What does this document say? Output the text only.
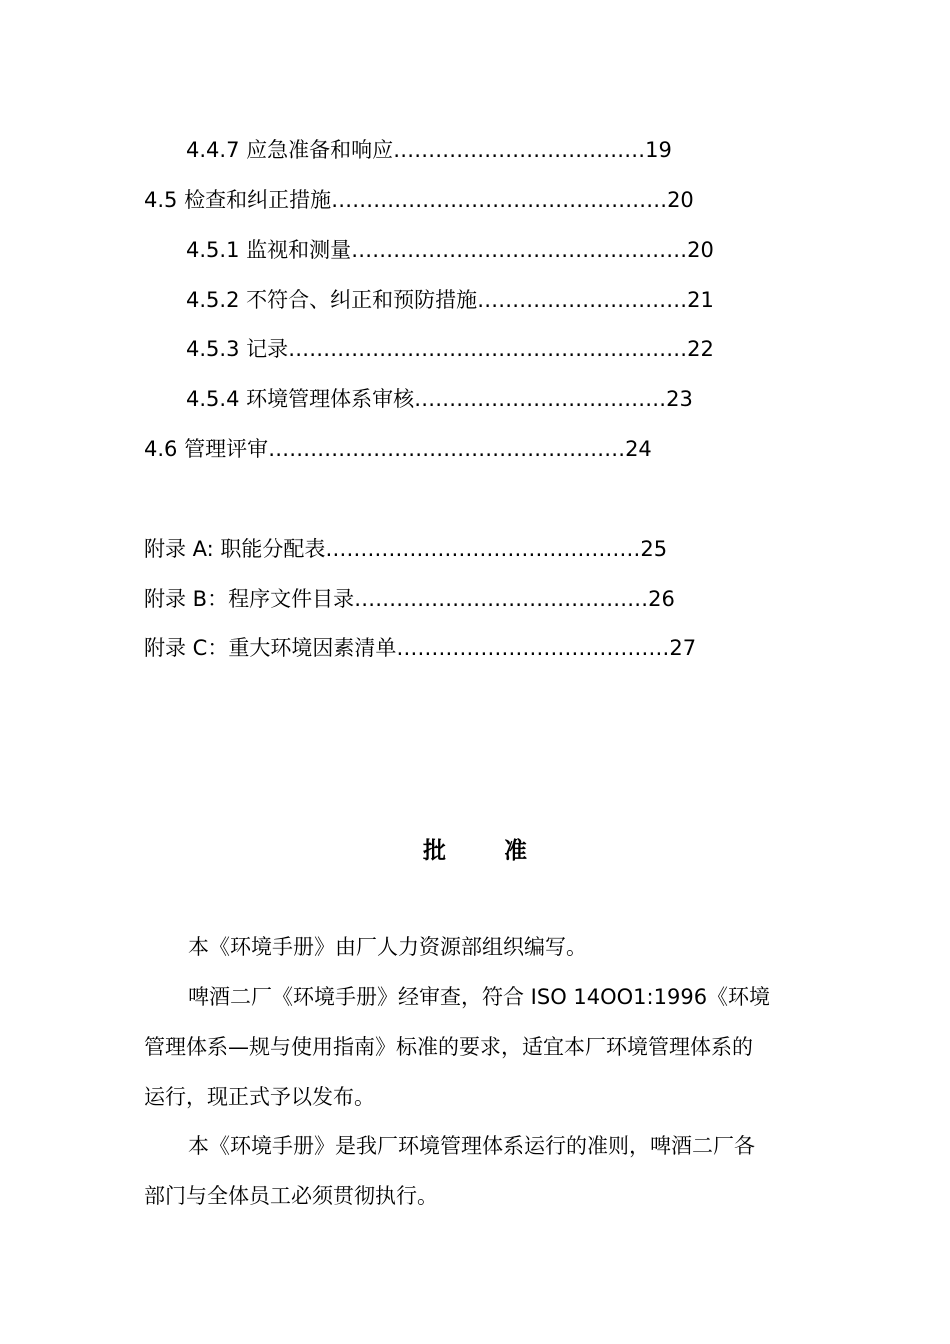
4.4.7 应急准备和响应………………………………19
4.5 检查和纠正措施…………………………………………20
4.5.1 监视和测量…………………………………………20
4.5.2 不符合、纠正和预防措施…………………………21
4.5.3 记录…………………………………………………22
4.5.4 环境管理体系审核………………………………23
4.6 管理评审……………………………………………24
附录 A: 职能分配表………………………………………25
附录 B：程序文件目录……………………………………26
附录 C：重大环境因素清单…………………………………27
批准
本《环境手册》由厂人力资源部组织编写。
啤酒二厂《环境手册》经审查，符合 ISO 14OO1:1996《环境
管理体系—规与使用指南》标准的要求，适宜本厂环境管理体系的
运行，现正式予以发布。
本《环境手册》是我厂环境管理体系运行的准则，啤酒二厂各
部门与全体员工必须贯彻执行。
